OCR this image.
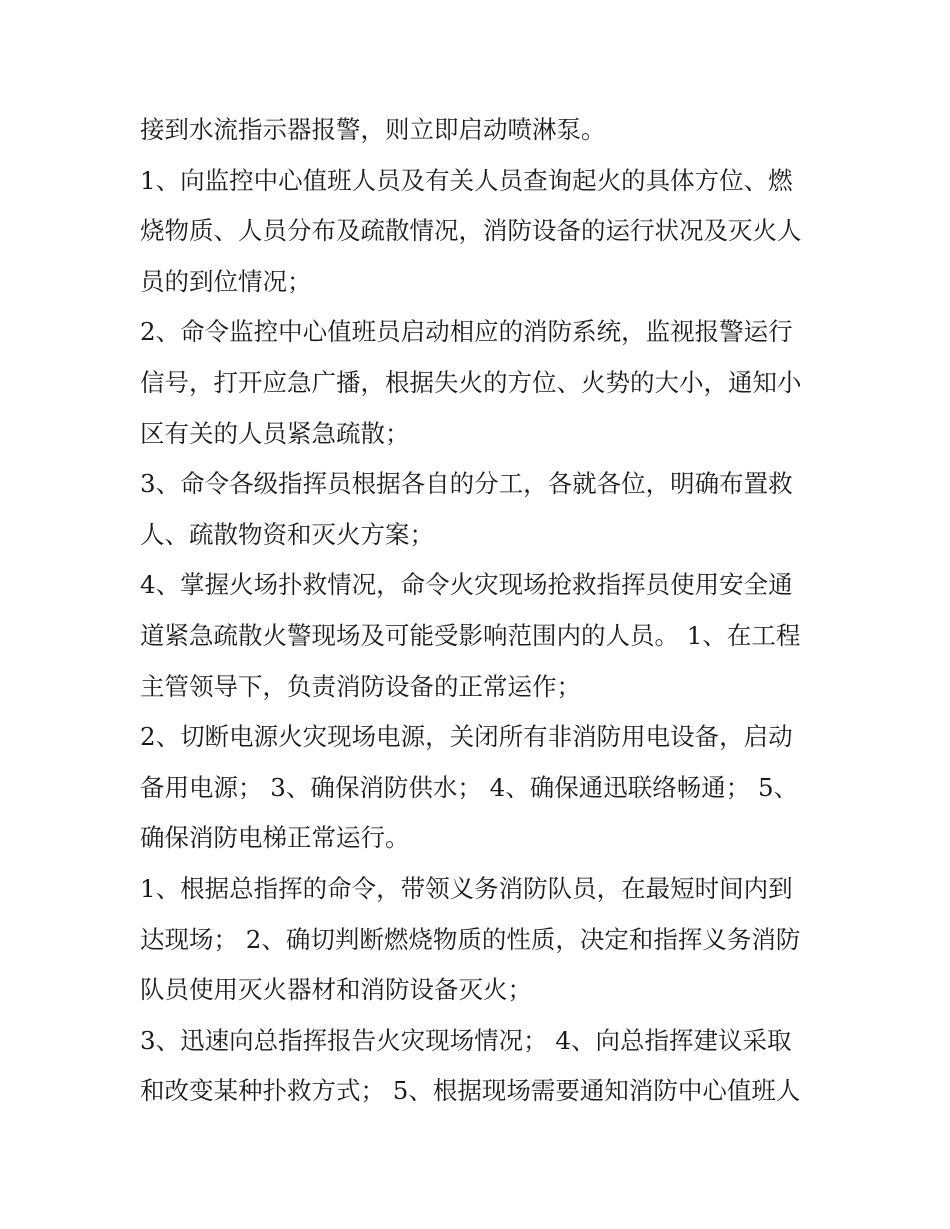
接到水流指示器报警，则立即启动喷淋泵。
1、向监控中心值班人员及有关人员查询起火的具体方位、燃
烧物质、人员分布及疏散情况，消防设备的运行状况及灭火人
员的到位情况；
2、命令监控中心值班员启动相应的消防系统，监视报警运行
信号，打开应急广播，根据失火的方位、火势的大小，通知小
区有关的人员紧急疏散；
3、命令各级指挥员根据各自的分工，各就各位，明确布置救
人、疏散物资和灭火方案；
4、掌握火场扑救情况，命令火灾现场抢救指挥员使用安全通
道紧急疏散火警现场及可能受影响范围内的人员。 1、在工程
主管领导下，负责消防设备的正常运作；
2、切断电源火灾现场电源，关闭所有非消防用电设备，启动
备用电源； 3、确保消防供水； 4、确保通迅联络畅通； 5、
确保消防电梯正常运行。
1、根据总指挥的命令，带领义务消防队员，在最短时间内到
达现场； 2、确切判断燃烧物质的性质，决定和指挥义务消防
队员使用灭火器材和消防设备灭火；
3、迅速向总指挥报告火灾现场情况； 4、向总指挥建议采取
和改变某种扑救方式； 5、根据现场需要通知消防中心值班人
